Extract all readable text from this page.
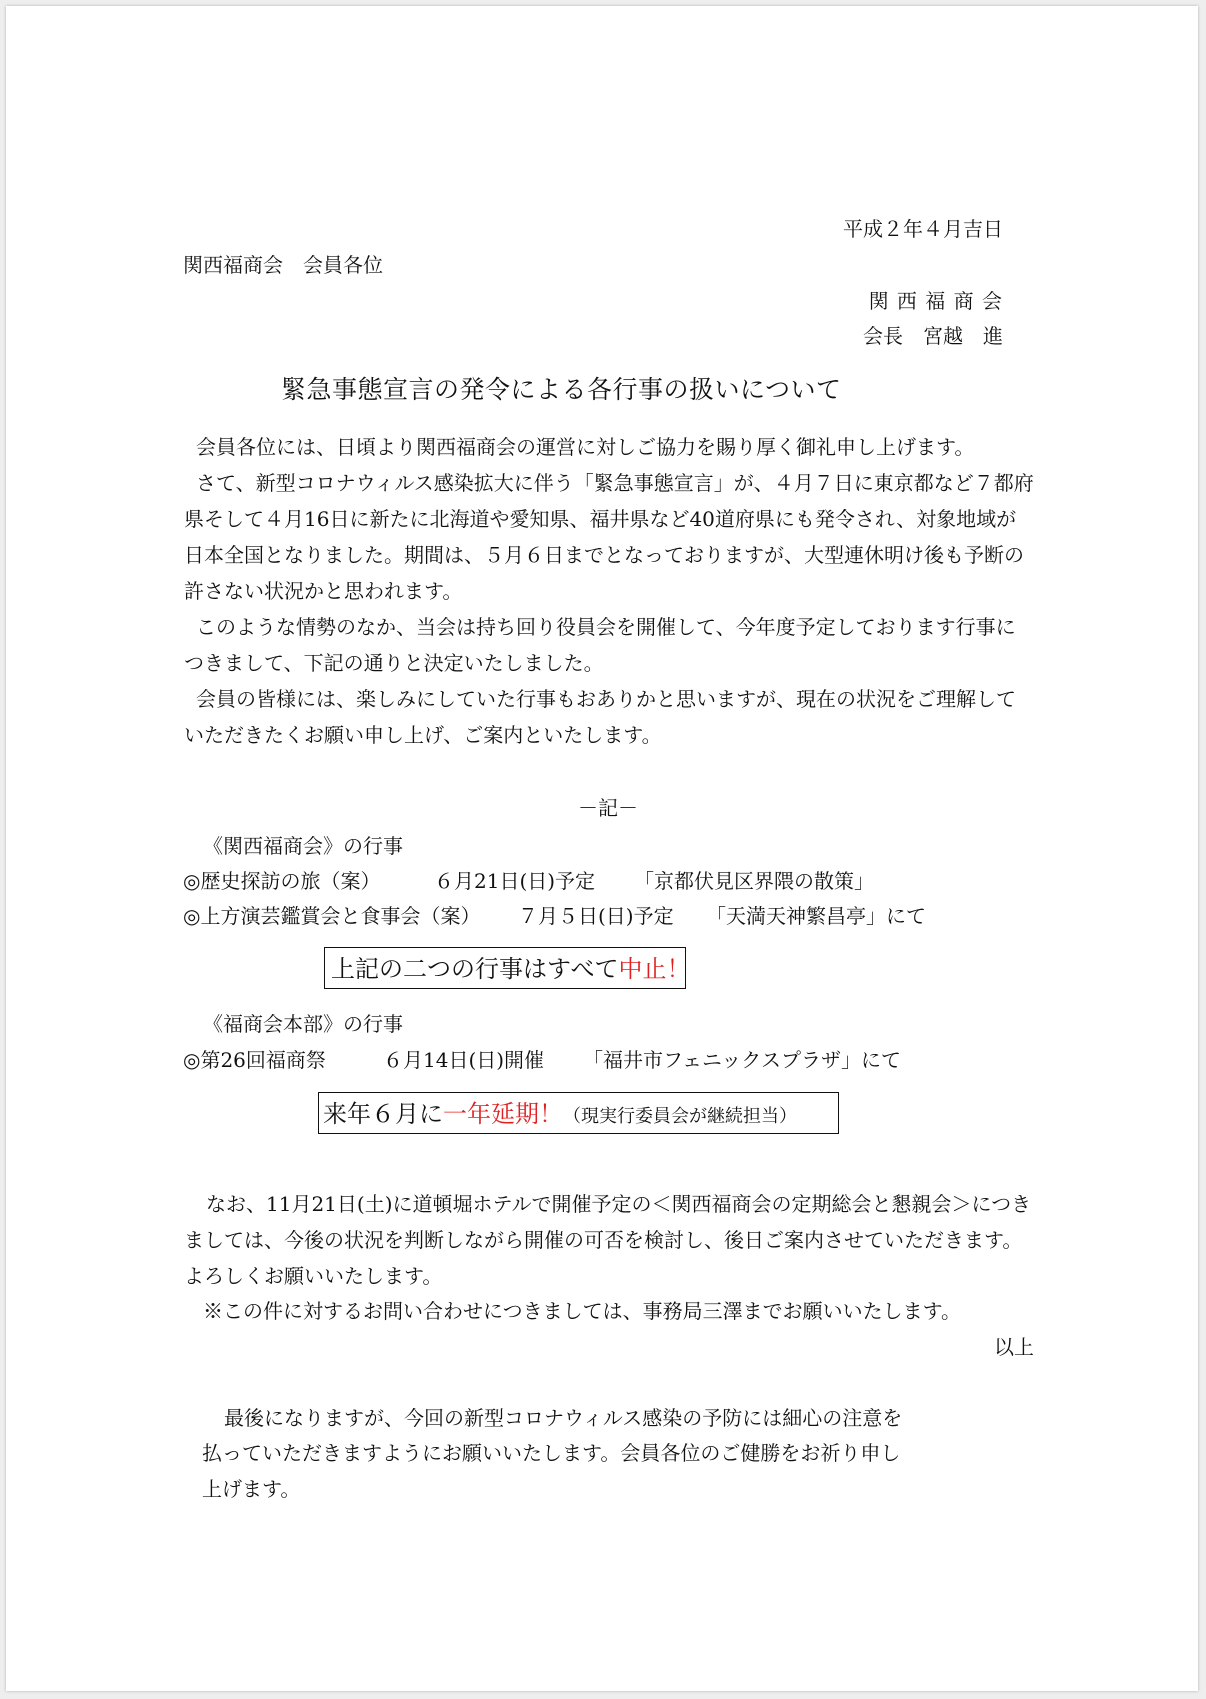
平成２年４月吉日
関西福商会　会員各位
関 西 福 商 会
会長　宮越　進
緊急事態宣言の発令による各行事の扱いについて
会員各位には、日頃より関西福商会の運営に対しご協力を賜り厚く御礼申し上げます。
さて、新型コロナウィルス感染拡大に伴う「緊急事態宣言」が、４月７日に東京都など７都府県そして４月16日に新たに北海道や愛知県、福井県など40道府県にも発令され、対象地域が日本全国となりました。期間は、５月６日までとなっておりますが、大型連休明け後も予断の許さない状況かと思われます。
このような情勢のなか、当会は持ち回り役員会を開催して、今年度予定しております行事につきまして、下記の通りと決定いたしました。
会員の皆様には、楽しみにしていた行事もおありかと思いますが、現在の状況をご理解していただきたくお願い申し上げ、ご案内といたします。
－記－
《関西福商会》の行事
◎歴史探訪の旅（案）	６月21日(日)予定 「京都伏見区界隈の散策」
◎上方演芸鑑賞会と食事会（案） ７月５日(日)予定 「天満天神繁昌亭」にて
上記の二つの行事はすべて中止！
《福商会本部》の行事
◎第26回福商祭	６月14日(日)開催 「福井市フェニックスプラザ」にて
来年６月に一年延期！（現実行委員会が継続担当）
なお、11月21日(土)に道頓堀ホテルで開催予定の＜関西福商会の定期総会と懇親会＞につきましては、今後の状況を判断しながら開催の可否を検討し、後日ご案内させていただきます。よろしくお願いいたします。
※この件に対するお問い合わせにつきましては、事務局三澤までお願いいたします。
以上
最後になりますが、今回の新型コロナウィルス感染の予防には細心の注意を
払っていただきますようにお願いいたします。会員各位のご健勝をお祈り申し
上げます。
